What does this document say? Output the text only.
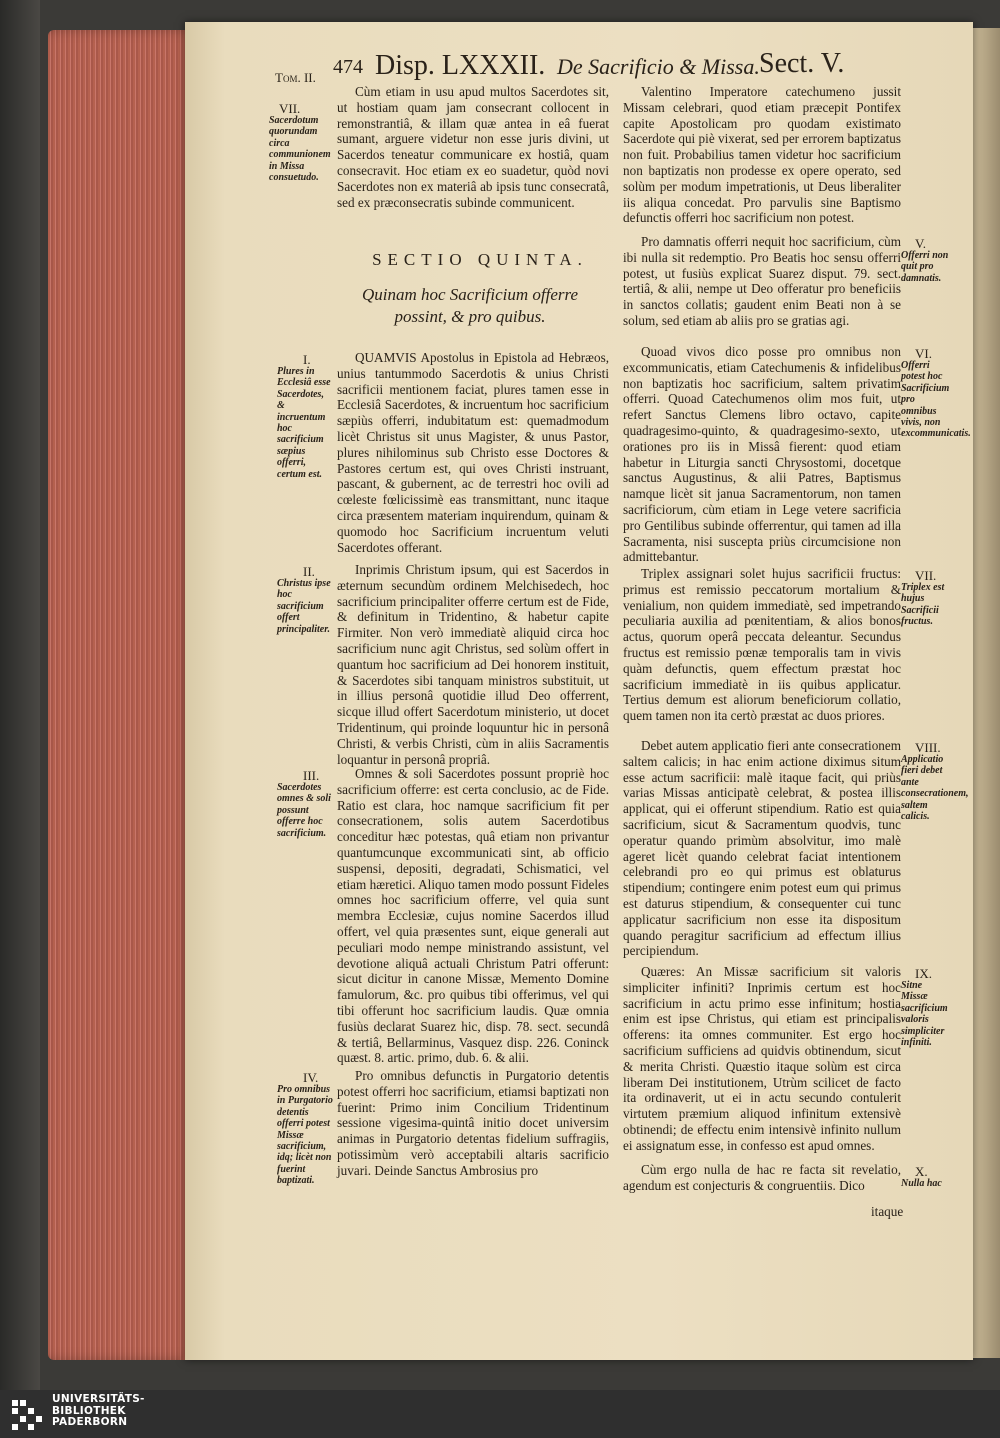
Tom. II. 474 Disp. LXXXII. De Sacrificio & Missa. Sect. V.
VII.
Sacerdotum quorundam circa communionem in Missa consuetudo.
Cùm etiam in usu apud multos Sacerdotes sit, ut hostiam quam jam consecrant collocent in remonstrantiâ, & illam quæ antea in eâ fuerat sumant, arguere videtur non esse juris divini, ut Sacerdos teneatur communicare ex hostiâ, quam consecravit. Hoc etiam ex eo suadetur, quòd novi Sacerdotes non ex materiâ ab ipsis tunc consecratâ, sed ex præconsecratis subinde communicent.
SECTIO QUINTA.
Quinam hoc Sacrificium offerre possint, & pro quibus.
I.
Plures in Ecclesiâ esse Sacerdotes, & incruentum hoc sacrificium sæpius offerri, certum est.
QUAMVIS Apostolus in Epistola ad Hebræos, unius tantummodo Sacerdotis & unius Christi sacrificii mentionem faciat, plures tamen esse in Ecclesiâ Sacerdotes, & incruentum hoc sacrificium sæpiùs offerri, indubitatum est: quemadmodum licèt Christus sit unus Magister, & unus Pastor, plures nihilominus sub Christo esse Doctores & Pastores certum est, qui oves Christi instruant, pascant, & gubernent, ac de terrestri hoc ovili ad cœleste fœlicissimè eas transmittant, nunc itaque circa præsentem materiam inquirendum, quinam & quomodo hoc Sacrificium incruentum veluti Sacerdotes offerant.
II.
Christus ipse hoc sacrificium offert principaliter.
Inprimis Christum ipsum, qui est Sacerdos in æternum secundùm ordinem Melchisedech, hoc sacrificium principaliter offerre certum est de Fide, & definitum in Tridentino, & habetur capite Firmiter. Non verò immediatè aliquid circa hoc sacrificium nunc agit Christus, sed solùm offert in quantum hoc sacrificium ad Dei honorem instituit, & Sacerdotes sibi tanquam ministros substituit, ut in illius personâ quotidie illud Deo offerrent, sicque illud offert Sacerdotum ministerio, ut docet Tridentinum, qui proinde loquuntur hic in personâ Christi, & verbis Christi, cùm in aliis Sacramentis loquantur in personâ propriâ.
III.
Sacerdotes omnes & soli possunt offerre hoc sacrificium.
Omnes & soli Sacerdotes possunt propriè hoc sacrificium offerre: est certa conclusio, ac de Fide. Ratio est clara, hoc namque sacrificium fit per consecrationem, solis autem Sacerdotibus conceditur hæc potestas, quâ etiam non privantur quantumcunque excommunicati sint, ab officio suspensi, depositi, degradati, Schismatici, vel etiam hæretici. Aliquo tamen modo possunt Fideles omnes hoc sacrificium offerre, vel quia sunt membra Ecclesiæ, cujus nomine Sacerdos illud offert, vel quia præsentes sunt, eique generali aut peculiari modo nempe ministrando assistunt, vel devotione aliquâ actuali Christum Patri offerunt: sicut dicitur in canone Missæ, Memento Domine famulorum, &c. pro quibus tibi offerimus, vel qui tibi offerunt hoc sacrificium laudis. Quæ omnia fusiùs declarat Suarez hic, disp. 78. sect. secundâ & tertiâ, Bellarminus, Vasquez disp. 226. Coninck quæst. 8. artic. primo, dub. 6. & alii.
IV.
Pro omnibus in Purgatorio detentis offerri potest Missæ sacrificium, idq; licèt non fuerint baptizati.
Pro omnibus defunctis in Purgatorio detentis potest offerri hoc sacrificium, etiamsi baptizati non fuerint: Primo inim Concilium Tridentinum sessione vigesima-quintâ initio docet universim animas in Purgatorio detentas fidelium suffragiis, potissimùm verò acceptabili altaris sacrificio juvari. Deinde Sanctus Ambrosius pro
Valentino Imperatore catechumeno jussit Missam celebrari, quod etiam præcepit Pontifex capite Apostolicam pro quodam existimato Sacerdote qui piè vixerat, sed per errorem baptizatus non fuit. Probabilius tamen videtur hoc sacrificium non baptizatis non prodesse ex opere operato, sed solùm per modum impetrationis, ut Deus liberaliter iis aliqua concedat. Pro parvulis sine Baptismo defunctis offerri hoc sacrificium non potest.
V.
Offerri non quit pro damnatis.
Pro damnatis offerri nequit hoc sacrificium, cùm ibi nulla sit redemptio. Pro Beatis hoc sensu offerri potest, ut fusiùs explicat Suarez disput. 79. sect. tertiâ, & alii, nempe ut Deo offeratur pro beneficiis in sanctos collatis; gaudent enim Beati non à se solum, sed etiam ab aliis pro se gratias agi.
VI.
Offerri potest hoc Sacrificium pro omnibus vivis, non excommunicatis.
Quoad vivos dico posse pro omnibus non excommunicatis, etiam Catechumenis & infidelibus non baptizatis hoc sacrificium, saltem privatim offerri. Quoad Catechumenos olim mos fuit, ut refert Sanctus Clemens libro octavo, capite quadragesimo-quinto, & quadragesimo-sexto, ut orationes pro iis in Missâ fierent: quod etiam habetur in Liturgia sancti Chrysostomi, docetque sanctus Augustinus, & alii Patres, Baptismus namque licèt sit janua Sacramentorum, non tamen sacrificiorum, cùm etiam in Lege vetere sacrificia pro Gentilibus subinde offerrentur, qui tamen ad illa Sacramenta, nisi suscepta priùs circumcisione non admittebantur.
VII.
Triplex est hujus Sacrificii fructus.
Triplex assignari solet hujus sacrificii fructus: primus est remissio peccatorum mortalium & venialium, non quidem immediatè, sed impetrando peculiaria auxilia ad pœnitentiam, & alios bonos actus, quorum operâ peccata deleantur. Secundus fructus est remissio pœnæ temporalis tam in vivis quàm defunctis, quem effectum præstat hoc sacrificium immediatè in iis quibus applicatur. Tertius demum est aliorum beneficiorum collatio, quem tamen non ita certò præstat ac duos priores.
VIII.
Applicatio fieri debet ante consecrationem, saltem calicis.
Debet autem applicatio fieri ante consecrationem saltem calicis; in hac enim actione diximus situm esse actum sacrificii: malè itaque facit, qui priùs varias Missas anticipatè celebrat, & postea illis applicat, qui ei offerunt stipendium. Ratio est quia sacrificium, sicut & Sacramentum quodvis, tunc operatur quando primùm absolvitur, imo malè ageret licèt quando celebrat faciat intentionem celebrandi pro eo qui primus est oblaturus stipendium; contingere enim potest eum qui primus est daturus stipendium, & consequenter cui tunc applicatur sacrificium non esse ita dispositum quando peragitur sacrificium ad effectum illius percipiendum.
IX.
Sitne Missæ sacrificium valoris simpliciter infiniti.
Quæres: An Missæ sacrificium sit valoris simpliciter infiniti? Inprimis certum est hoc sacrificium in actu primo esse infinitum; hostia enim est ipse Christus, qui etiam est principalis offerens: ita omnes communiter. Est ergo hoc sacrificium sufficiens ad quidvis obtinendum, sicut & merita Christi. Quæstio itaque solùm est circa liberam Dei institutionem, Utrùm scilicet de facto ita ordinaverit, ut ei in actu secundo contulerit virtutem præmium aliquod infinitum extensivè obtinendi; de effectu enim intensivè infinito nullum ei assignatum esse, in confesso est apud omnes.
X.
Nulla hac
Cùm ergo nulla de hac re facta sit revelatio, agendum est conjecturis & congruentiis. Dico
itaque
UNIVERSITÄTS-
BIBLIOTHEK
PADERBORN
